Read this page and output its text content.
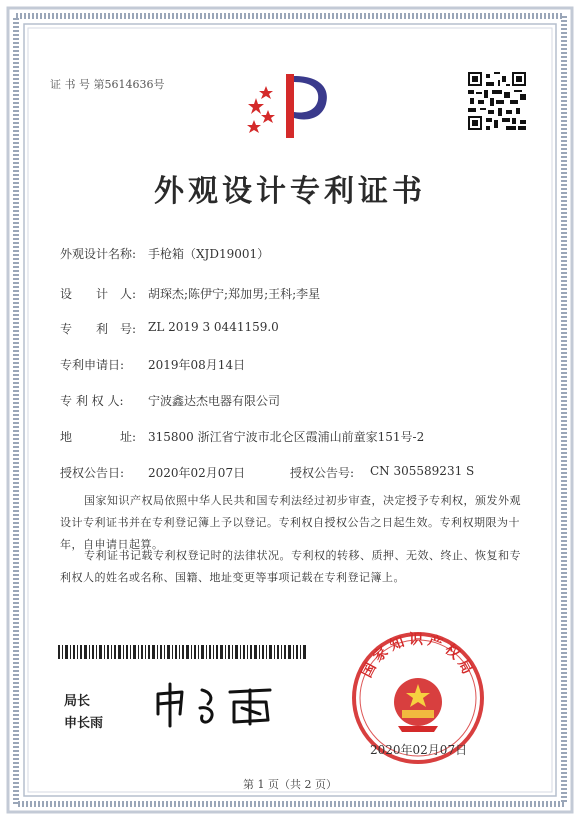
证 书 号 第5614636号
外观设计专利证书
外观设计名称: 手枪箱（XJD19001）
设　　计　人: 胡琛杰;陈伊宁;郑加男;王科;李星
专　　利　号: ZL 2019 3 0441159.0
专利申请日: 2019年08月14日
专 利 权 人: 宁波鑫达杰电器有限公司
地　　　　址: 315800 浙江省宁波市北仑区霞浦山前童家151号-2
授权公告日: 2020年02月07日	授权公告号: CN 305589231 S
国家知识产权局依照中华人民共和国专利法经过初步审查，决定授予专利权，颁发外观设计专利证书并在专利登记簿上予以登记。专利权自授权公告之日起生效。专利权期限为十年，自申请日起算。
专利证书记载专利权登记时的法律状况。专利权的转移、质押、无效、终止、恢复和专利权人的姓名或名称、国籍、地址变更等事项记载在专利登记簿上。
局长
申长雨
国家知识产权局
2020年02月07日
第 1 页（共 2 页）
